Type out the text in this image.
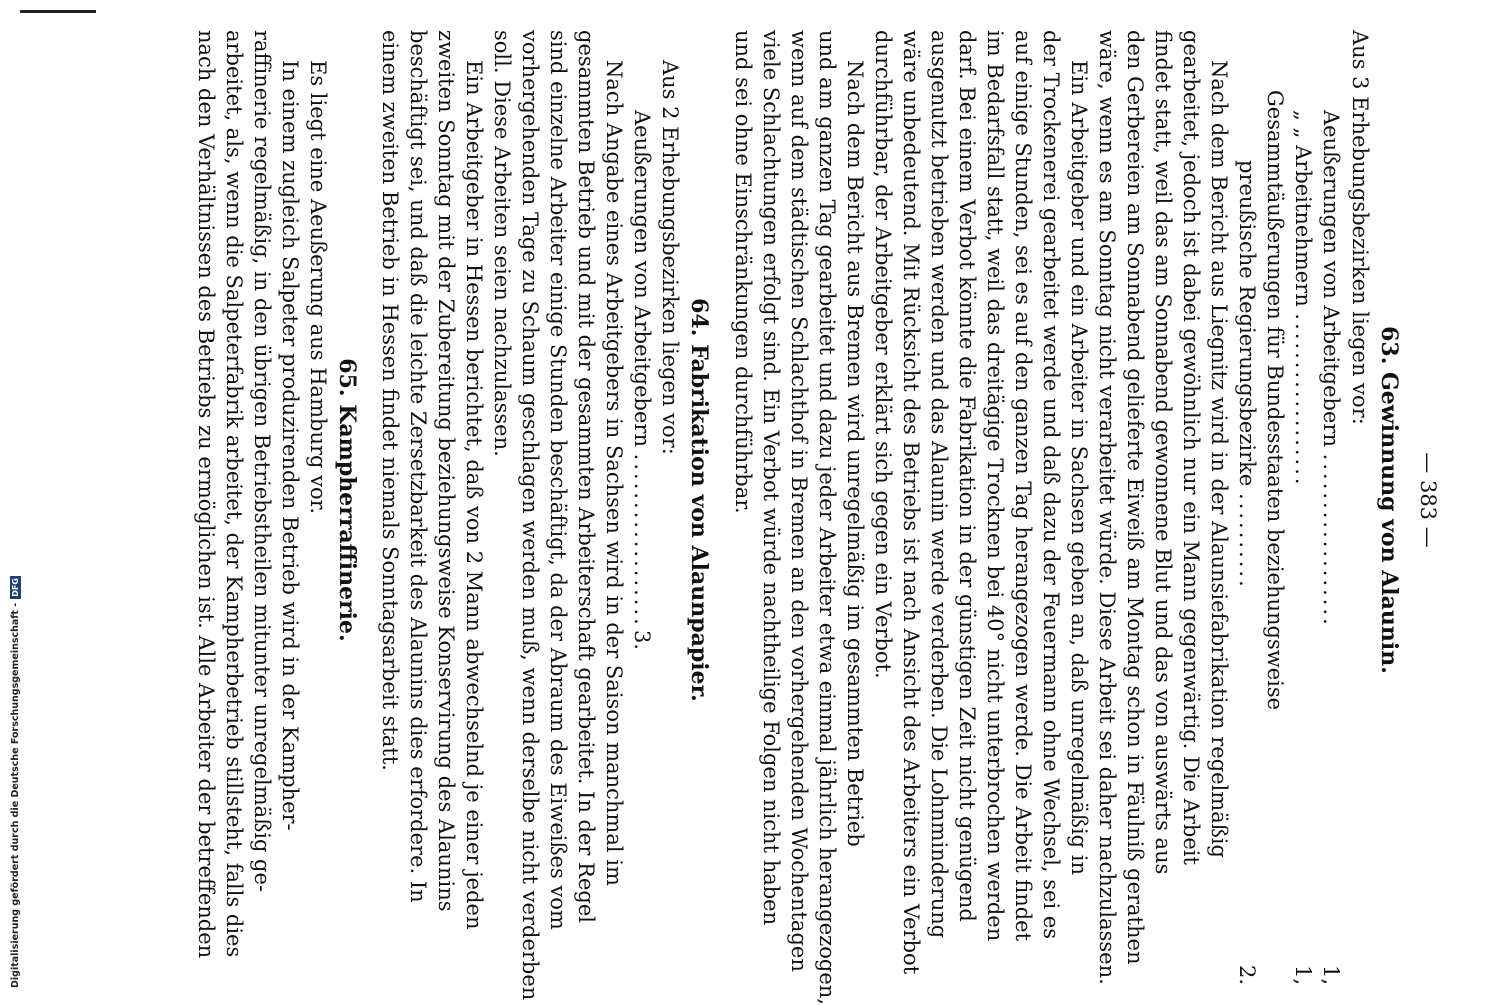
Digitalisierung gefördert durch die Deutsche Forschungsgemeinschaft -
DFG
— 383 —
63. Gewinnung von Alaunin.
Aus 3 Erhebungsbezirken liegen vor:
Aeußerungen von Arbeitgebern ..................
1,
„ „ Arbeitnehmern ..................
1,
Gesammtäußerungen für Bundesstaaten beziehungsweise
preußische Regierungsbezirke ..........
2.
Nach dem Bericht aus Liegnitz wird in der Alaunsiefabrikation regelmäßig
gearbeitet, jedoch ist dabei gewöhnlich nur ein Mann gegenwärtig. Die Arbeit
findet statt, weil das am Sonnabend gewonnene Blut und das von auswärts aus
den Gerbereien am Sonnabend gelieferte Eiweiß am Montag schon in Fäulniß gerathen
wäre, wenn es am Sonntag nicht verarbeitet würde. Diese Arbeit sei daher nachzulassen.
Ein Arbeitgeber und ein Arbeiter in Sachsen geben an, daß unregelmäßig in
der Trockenerei gearbeitet werde und daß dazu der Feuermann ohne Wechsel, sei es
auf einige Stunden, sei es auf den ganzen Tag herangezogen werde. Die Arbeit findet
im Bedarfsfall statt, weil das dreitägige Trocknen bei 40° nicht unterbrochen werden
darf. Bei einem Verbot könnte die Fabrikation in der günstigen Zeit nicht genügend
ausgenutzt betrieben werden und das Alaunin werde verderben. Die Lohnminderung
wäre unbedeutend. Mit Rücksicht des Betriebs ist nach Ansicht des Arbeiters ein Verbot
durchführbar, der Arbeitgeber erklärt sich gegen ein Verbot.
Nach dem Bericht aus Bremen wird unregelmäßig im gesammten Betrieb
und am ganzen Tag gearbeitet und dazu jeder Arbeiter etwa einmal jährlich herangezogen,
wenn auf dem städtischen Schlachthof in Bremen an den vorhergehenden Wochentagen
viele Schlachtungen erfolgt sind. Ein Verbot würde nachtheilige Folgen nicht haben
und sei ohne Einschränkungen durchführbar.
64. Fabrikation von Alaunpapier.
Aus 2 Erhebungsbezirken liegen vor:
Aeußerungen von Arbeitgebern ..................
3.
Nach Angabe eines Arbeitgebers in Sachsen wird in der Saison manchmal im
gesammten Betrieb und mit der gesammten Arbeiterschaft gearbeitet. In der Regel
sind einzelne Arbeiter einige Stunden beschäftigt, da der Abraum des Eiweißes vom
vorhergehenden Tage zu Schaum geschlagen werden muß, wenn derselbe nicht verderben
soll. Diese Arbeiten seien nachzulassen.
Ein Arbeitgeber in Hessen berichtet, daß von 2 Mann abwechselnd je einer jeden
zweiten Sonntag mit der Zubereitung beziehungsweise Konservirung des Alaunins
beschäftigt sei, und daß die leichte Zersetzbarkeit des Alaunins dies erfordere. In
einem zweiten Betrieb in Hessen findet niemals Sonntagsarbeit statt.
65. Kampherraffinerie.
Es liegt eine Aeußerung aus Hamburg vor.
In einem zugleich Salpeter produzirenden Betrieb wird in der Kampher-
raffinerie regelmäßig, in den übrigen Betriebstheilen mitunter unregelmäßig ge-
arbeitet, als, wenn die Salpeterfabrik arbeitet, der Kampherbetrieb stillsteht, falls dies
nach den Verhältnissen des Betriebs zu ermöglichen ist. Alle Arbeiter der betreffenden
